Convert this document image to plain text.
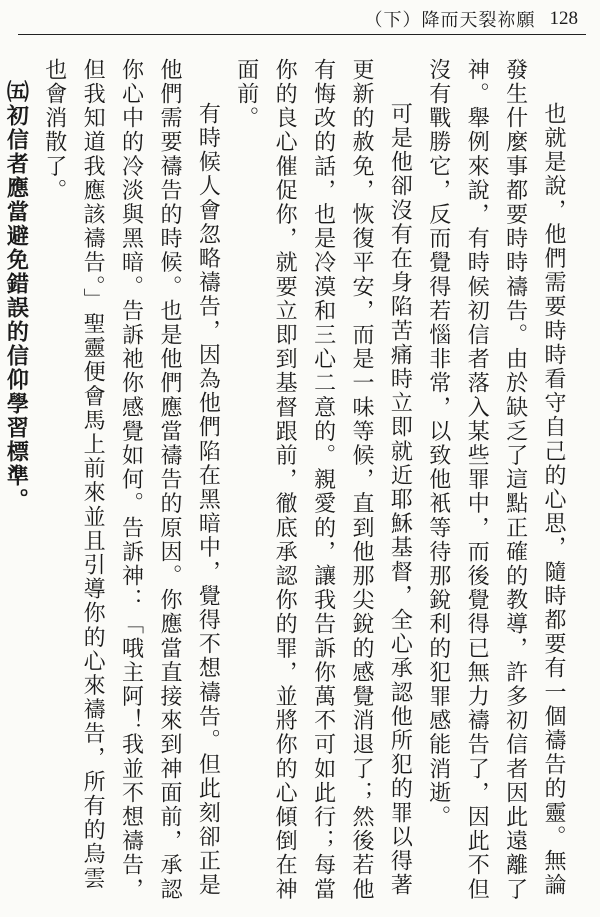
（下）降而天裂祢願 128

也就是說，他們需要時時看守自己的心思，隨時都要有一個禱告的靈。無論發生什麼事都要時時禱告。由於缺乏了這點正確的教導，許多初信者因此遠離了神。舉例來說，有時候初信者落入某些罪中，而後覺得已無力禱告了，因此不但沒有戰勝它，反而覺得若惱非常，以致他衹等待那銳利的犯罪感能消逝。

可是他卻沒有在身陷苦痛時立即就近耶穌基督，全心承認他所犯的罪以得著更新的赦免，恢復平安，而是一味等候，直到他那尖銳的感覺消退了；然後若他有悔改的話，也是冷漠和三心二意的。親愛的，讓我告訴你萬不可如此行；每當你的良心催促你，就要立即到基督跟前，徹底承認你的罪，並將你的心傾倒在神面前。

有時候人會忽略禱告，因為他們陷在黑暗中，覺得不想禱告。但此刻卻正是他們需要禱告的時候。也是他們應當禱告的原因。你應當直接來到神面前，承認你心中的冷淡與黑暗。告訴祂你感覺如何。告訴神：「哦主阿！我並不想禱告，但我知道我應該禱告。」聖靈便會馬上前來並且引導你的心來禱告，所有的烏雲也會消散了。

㈤初信者應當避免錯誤的信仰學習標準。
